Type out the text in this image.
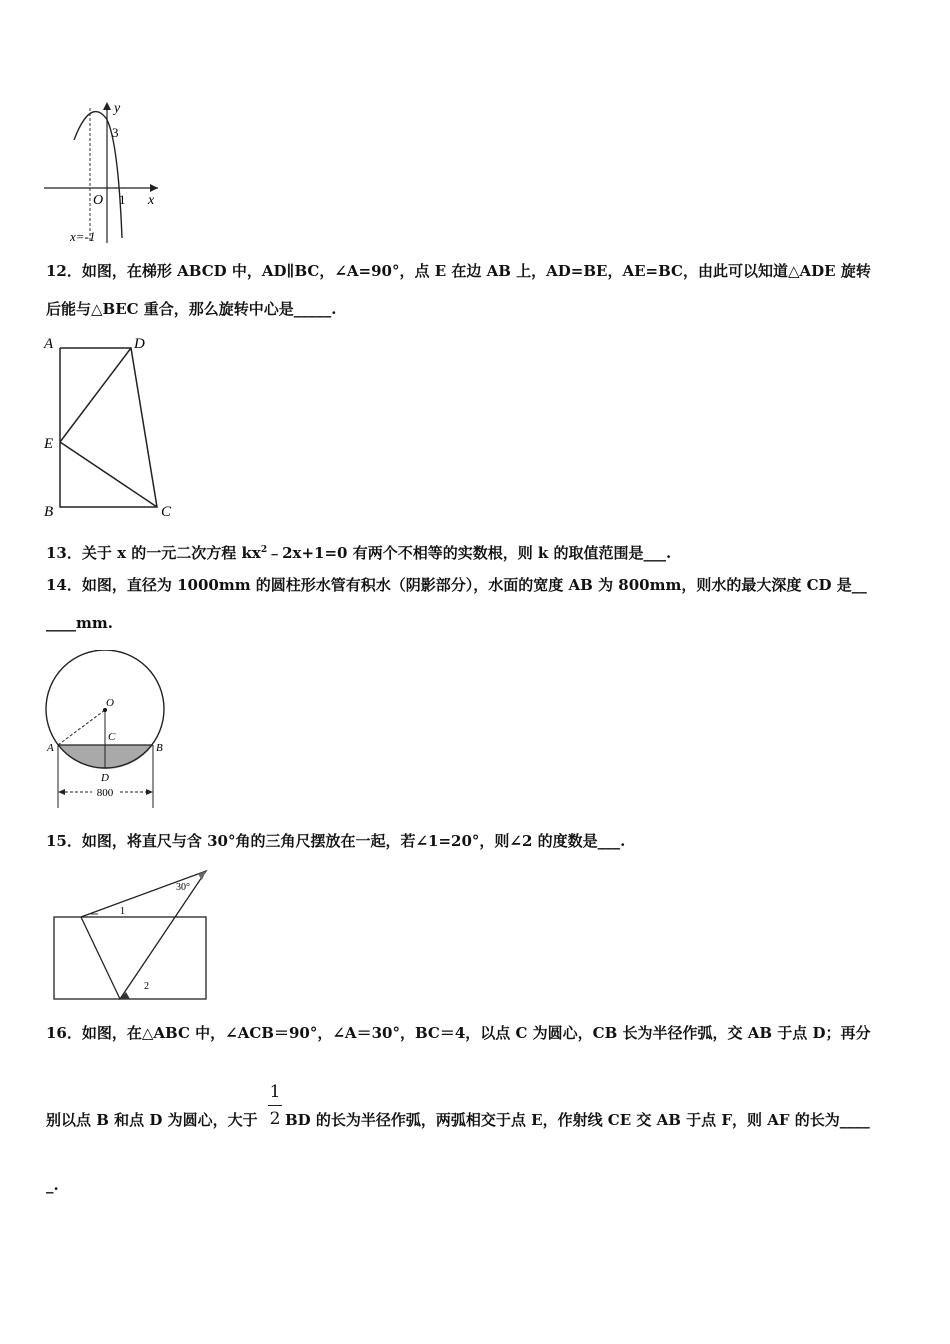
y
x
O 1
3
x=-1
12．如图，在梯形 ABCD 中，AD∥BC，∠A=90°，点 E 在边 AB 上，AD=BE，AE=BC，由此可以知道△ADE 旋转
后能与△BEC 重合，那么旋转中心是_____.
A	D
E
B	C
13．关于 x 的一元二次方程 $kx^2﹣2x+1=0$ 有两个不相等的实数根，则 k 的取值范围是___.
14．如图，直径为 1000mm 的圆柱形水管有积水（阴影部分），水面的宽度 AB 为 800mm，则水的最大深度 CD 是__
____mm.
800
O
A	B
C
D
15．如图，将直尺与含 30°角的三角尺摆放在一起，若∠1=20°，则∠2 的度数是___.
30°
1
2
16．如图，在△ABC 中，∠ACB＝90°，∠A＝30°，BC＝4，以点 C 为圆心，CB 长为半径作弧，交 AB 于点 D；再分
1
2
别以点 B 和点 D 为圆心，大于 BD 的长为半径作弧，两弧相交于点 E，作射线 CE 交 AB 于点 F，则 AF 的长为____
_.
